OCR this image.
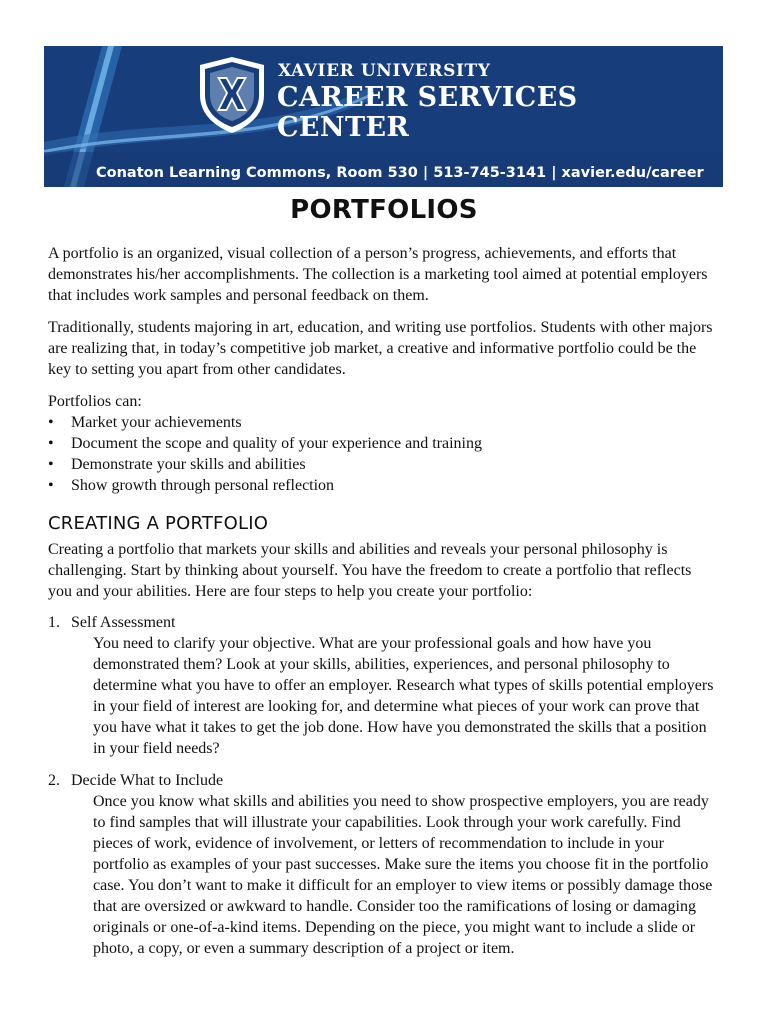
XAVIER UNIVERSITY

CAREER SERVICES

CENTER

Conaton Learning Commons, Room 530 | 513-745-3141 | xavier.edu/career

PORTFOLIOS

A portfolio is an organized, visual collection of a person’s progress, achievements, and efforts that demonstrates his/her accomplishments. The collection is a marketing tool aimed at potential employers that includes work samples and personal feedback on them.

Traditionally, students majoring in art, education, and writing use portfolios. Students with other majors are realizing that, in today’s competitive job market, a creative and informative portfolio could be the key to setting you apart from other candidates.

Portfolios can:

• Market your achievements
• Document the scope and quality of your experience and training
• Demonstrate your skills and abilities
• Show growth through personal reflection
CREATING A PORTFOLIO

Creating a portfolio that markets your skills and abilities and reveals your personal philosophy is challenging. Start by thinking about yourself. You have the freedom to create a portfolio that reflects you and your abilities. Here are four steps to help you create your portfolio:

1. Self Assessment

You need to clarify your objective. What are your professional goals and how have you demonstrated them? Look at your skills, abilities, experiences, and personal philosophy to determine what you have to offer an employer. Research what types of skills potential employers in your field of interest are looking for, and determine what pieces of your work can prove that you have what it takes to get the job done. How have you demonstrated the skills that a position in your field needs?

2. Decide What to Include

Once you know what skills and abilities you need to show prospective employers, you are ready to find samples that will illustrate your capabilities. Look through your work carefully. Find pieces of work, evidence of involvement, or letters of recommendation to include in your portfolio as examples of your past successes. Make sure the items you choose fit in the portfolio case. You don’t want to make it difficult for an employer to view items or possibly damage those that are oversized or awkward to handle. Consider too the ramifications of losing or damaging originals or one-of-a-kind items. Depending on the piece, you might want to include a slide or photo, a copy, or even a summary description of a project or item.
